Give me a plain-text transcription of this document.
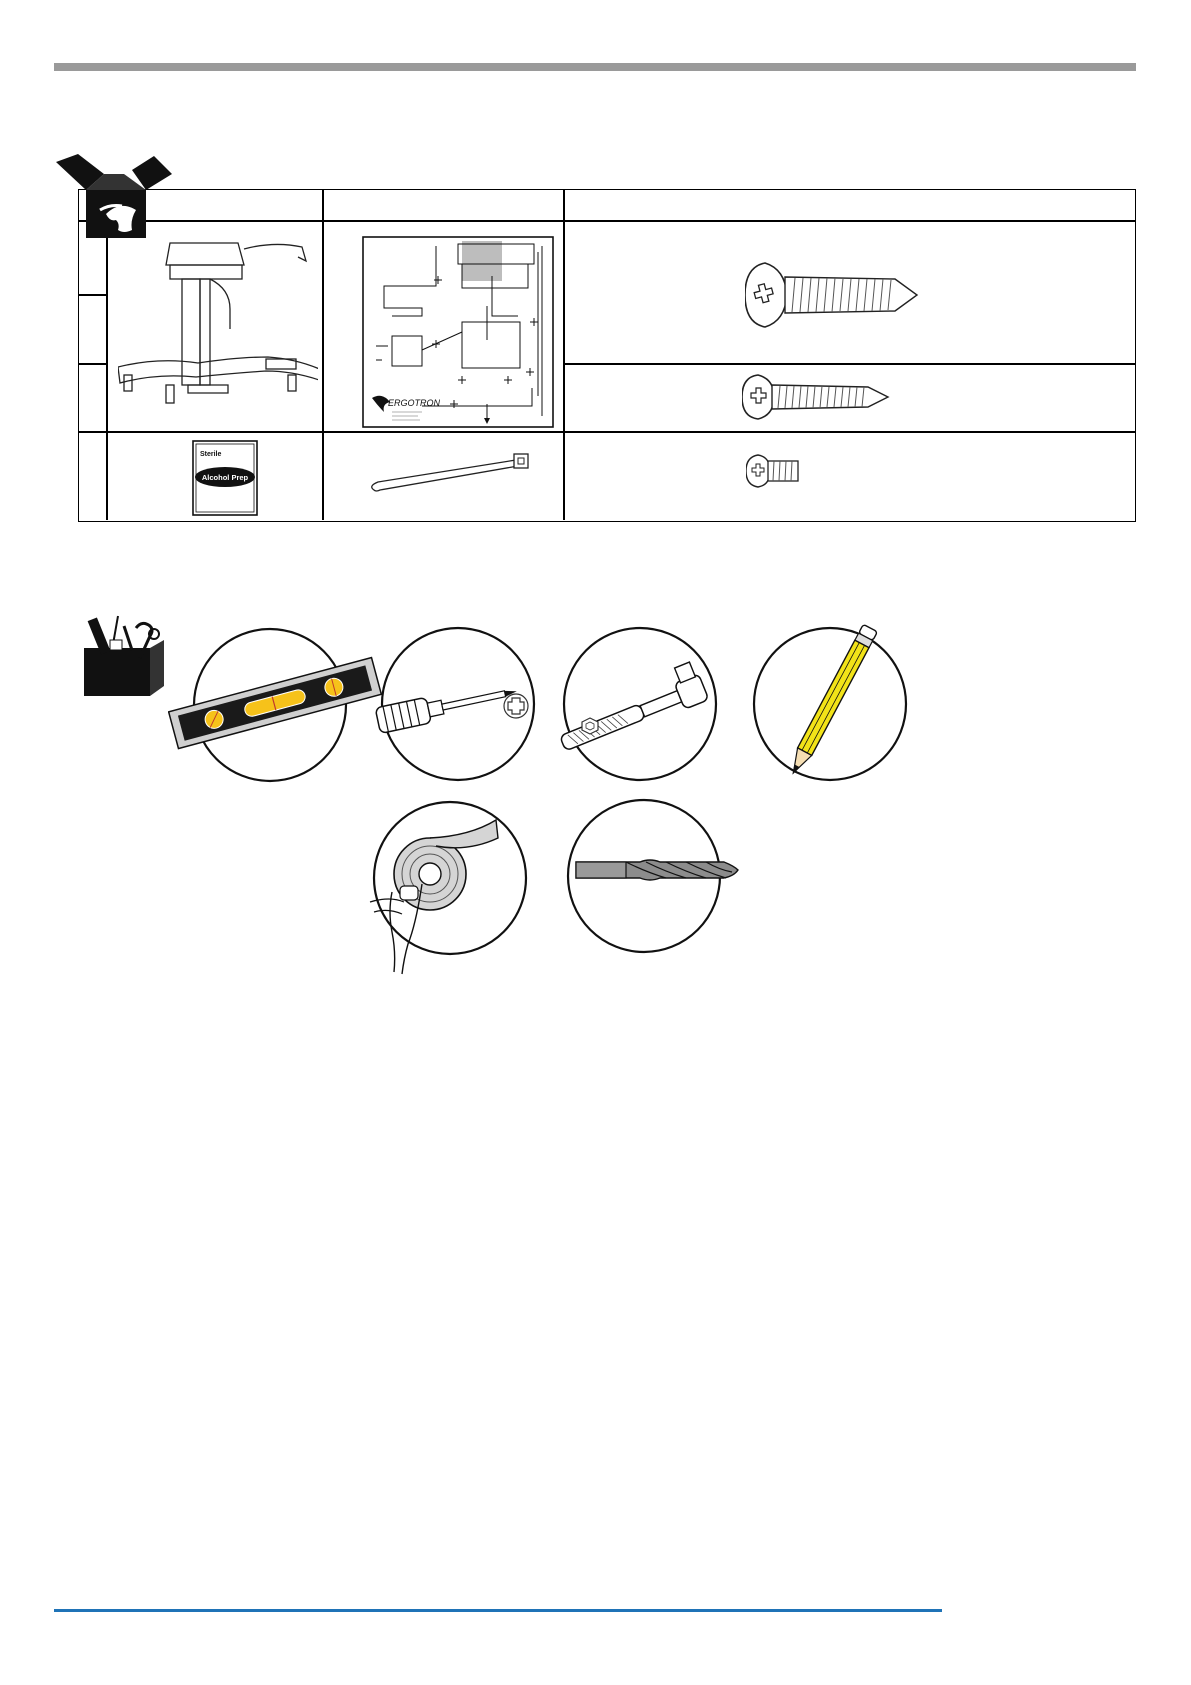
ERGOTRON
Sterile
Alcohol Prep
